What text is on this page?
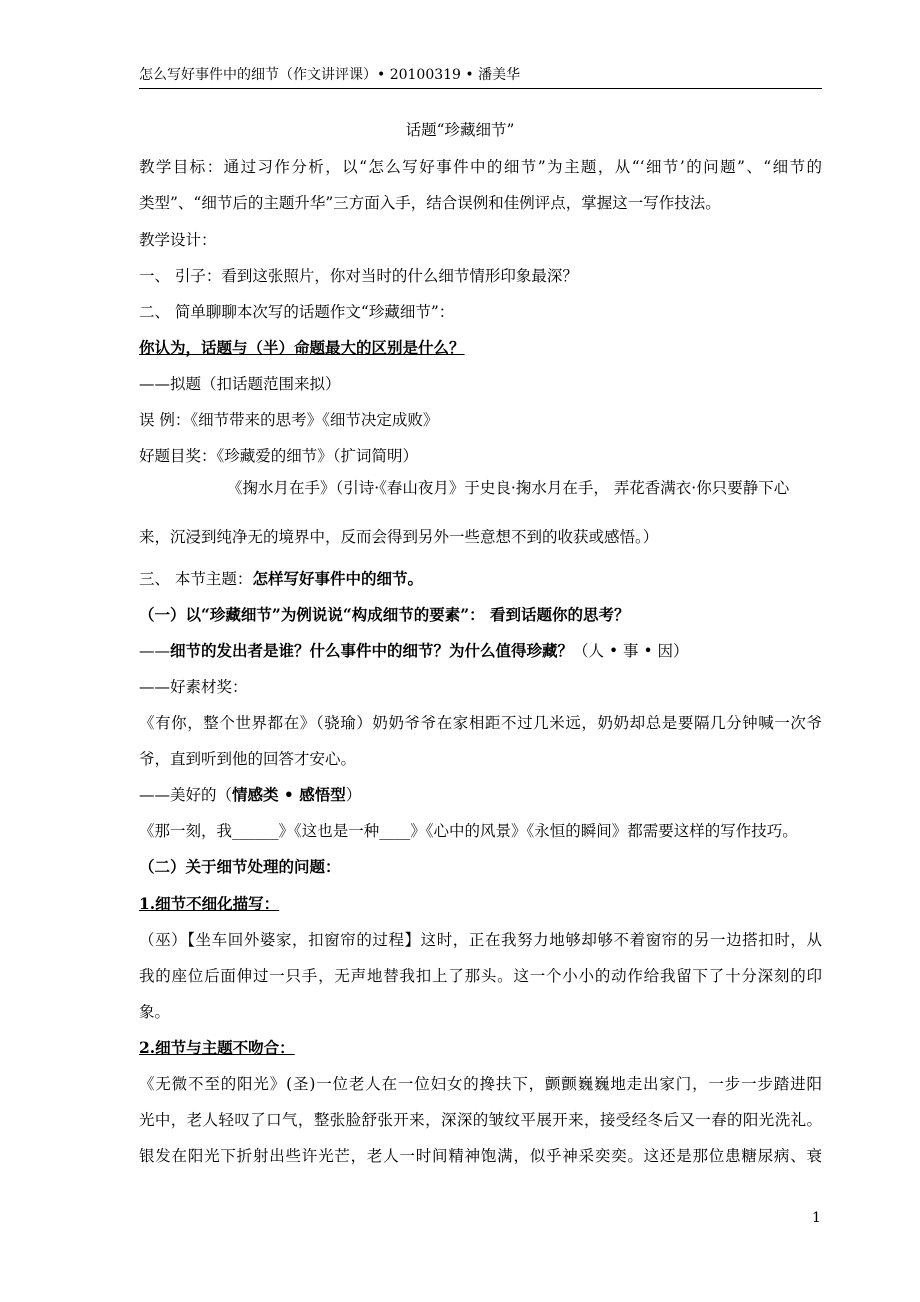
怎么写好事件中的细节（作文讲评课）• 20100319 • 潘美华
话题“珍藏细节”
教学目标：通过习作分析，以“怎么写好事件中的细节”为主题，从“‘细节’的问题”、“细节的
类型”、“细节后的主题升华”三方面入手，结合误例和佳例评点，掌握这一写作技法。
教学设计：
一、 引子：看到这张照片，你对当时的什么细节情形印象最深？
二、 简单聊聊本次写的话题作文“珍藏细节”：
你认为，话题与（半）命题最大的区别是什么？
——拟题（扣话题范围来拟）
误 例：《细节带来的思考》《细节决定成败》
好题目奖：《珍藏爱的细节》（扩词简明）
《掬水月在手》（引诗·《春山夜月》于史良·掬水月在手， 弄花香满衣·你只要静下心
来，沉浸到纯净无的境界中，反而会得到另外一些意想不到的收获或感悟。）
三、 本节主题：怎样写好事件中的细节。
（一）以“珍藏细节”为例说说“构成细节的要素”： 看到话题你的思考？
——细节的发出者是谁？什么事件中的细节？为什么值得珍藏？（人 • 事 • 因）
——好素材奖：
《有你，整个世界都在》（骁瑜）奶奶爷爷在家相距不过几米远，奶奶却总是要隔几分钟喊一次爷
爷，直到听到他的回答才安心。
——美好的（情感类 • 感悟型）
《那一刻，我______》《这也是一种____》《心中的风景》《永恒的瞬间》都需要这样的写作技巧。
（二）关于细节处理的问题：
1.细节不细化描写：
（巫）【坐车回外婆家，扣窗帘的过程】这时，正在我努力地够却够不着窗帘的另一边搭扣时，从
我的座位后面伸过一只手，无声地替我扣上了那头。这一个小小的动作给我留下了十分深刻的印
象。
2.细节与主题不吻合：
《无微不至的阳光》(圣)一位老人在一位妇女的搀扶下，颤颤巍巍地走出家门，一步一步踏进阳
光中，老人轻叹了口气，整张脸舒张开来，深深的皱纹平展开来，接受经冬后又一春的阳光洗礼。
银发在阳光下折射出些许光芒，老人一时间精神饱满，似乎神采奕奕。这还是那位患糖尿病、衰
1
